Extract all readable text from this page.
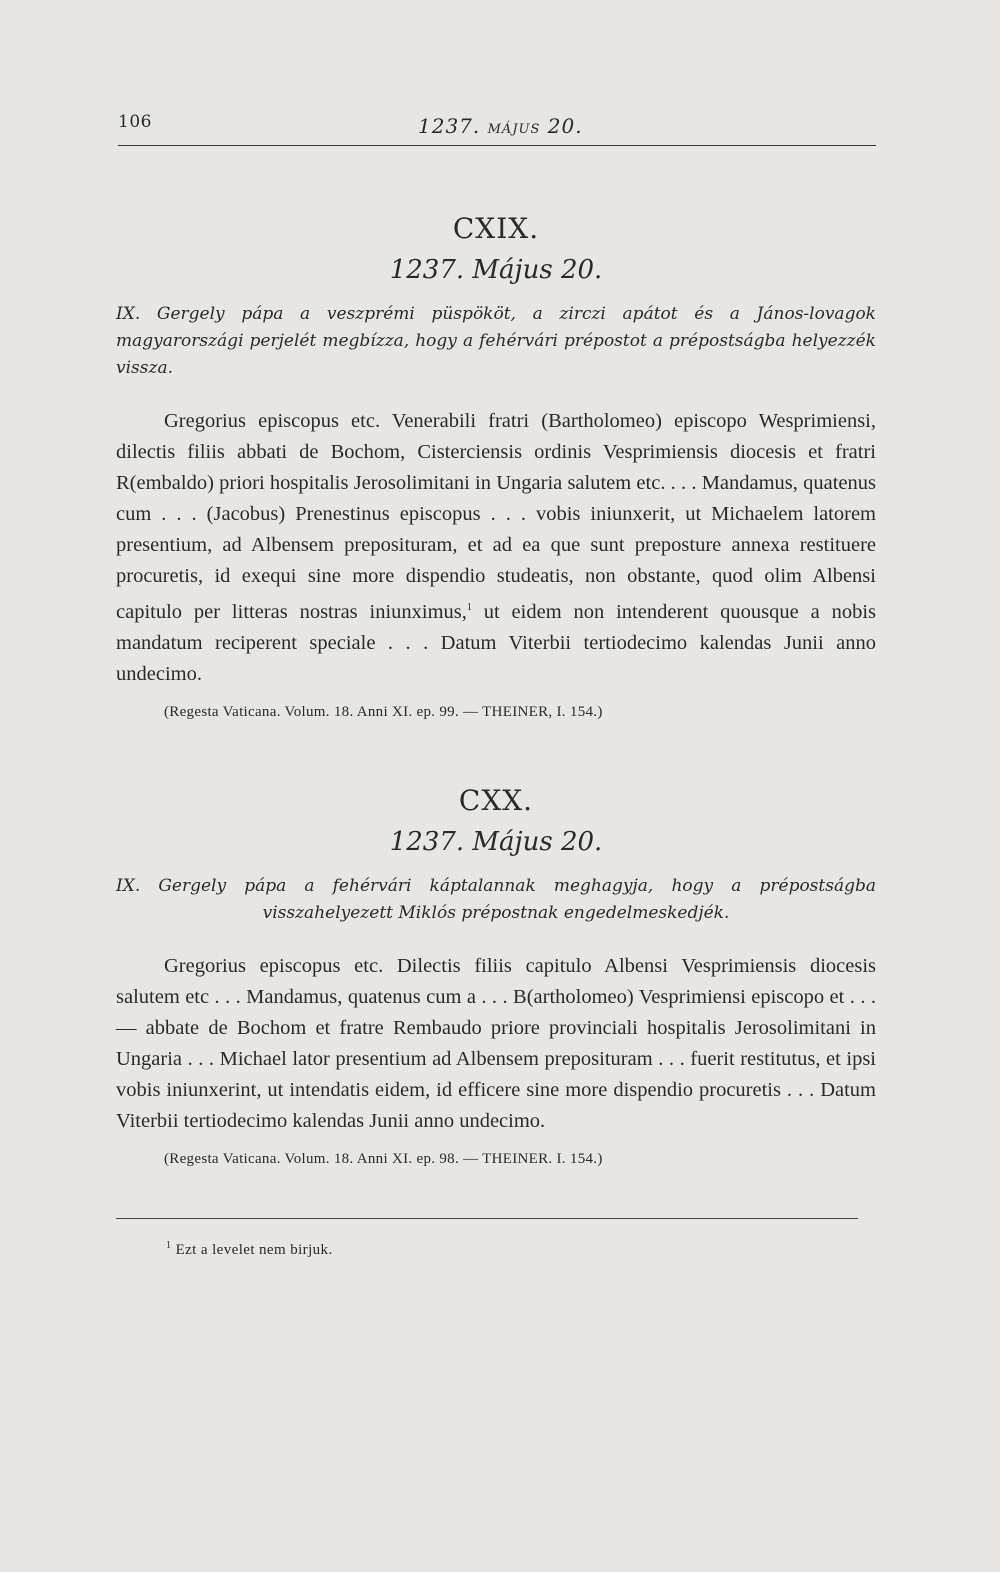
106	1237. MÁJUS 20.
CXIX.

1237. Május 20.

IX. Gergely pápa a veszprémi püspököt, a zirczi apátot és a János-lovagok magyarországi perjelét megbízza, hogy a fehérvári prépostot a prépostságba helyezzék vissza.

Gregorius episcopus etc. Venerabili fratri (Bartholomeo) episcopo Wesprimiensi, dilectis filiis abbati de Bochom, Cisterciensis ordinis Vesprimiensis diocesis et fratri R(embaldo) priori hospitalis Jerosolimitani in Ungaria salutem etc. . . . Mandamus, quatenus cum . . . (Jacobus) Prenestinus episcopus . . . vobis iniunxerit, ut Michaelem latorem presentium, ad Albensem preposituram, et ad ea que sunt preposture annexa restituere procuretis, id exequi sine more dispendio studeatis, non obstante, quod olim Albensi capitulo per litteras nostras iniunximus,$^1$ ut eidem non intenderent quousque a nobis mandatum reciperent speciale . . . Datum Viterbii tertiodecimo kalendas Junii anno undecimo.

(Regesta Vaticana. Volum. 18. Anni XI. ep. 99. — THEINER, I. 154.)

CXX.

1237. Május 20.

IX. Gergely pápa a fehérvári káptalannak meghagyja, hogy a prépostságba visszahelyezett Miklós prépostnak engedelmeskedjék.

Gregorius episcopus etc. Dilectis filiis capitulo Albensi Vesprimiensis diocesis salutem etc . . . Mandamus, quatenus cum a . . . B(artholomeo) Vesprimiensi episcopo et . . . — abbate de Bochom et fratre Rembaudo priore provinciali hospitalis Jerosolimitani in Ungaria . . . Michael lator presentium ad Albensem preposituram . . . fuerit restitutus, et ipsi vobis iniunxerint, ut intendatis eidem, id efficere sine more dispendio procuretis . . . Datum Viterbii tertiodecimo kalendas Junii anno undecimo.

(Regesta Vaticana. Volum. 18. Anni XI. ep. 98. — THEINER. I. 154.)

$^1$ Ezt a levelet nem birjuk.
